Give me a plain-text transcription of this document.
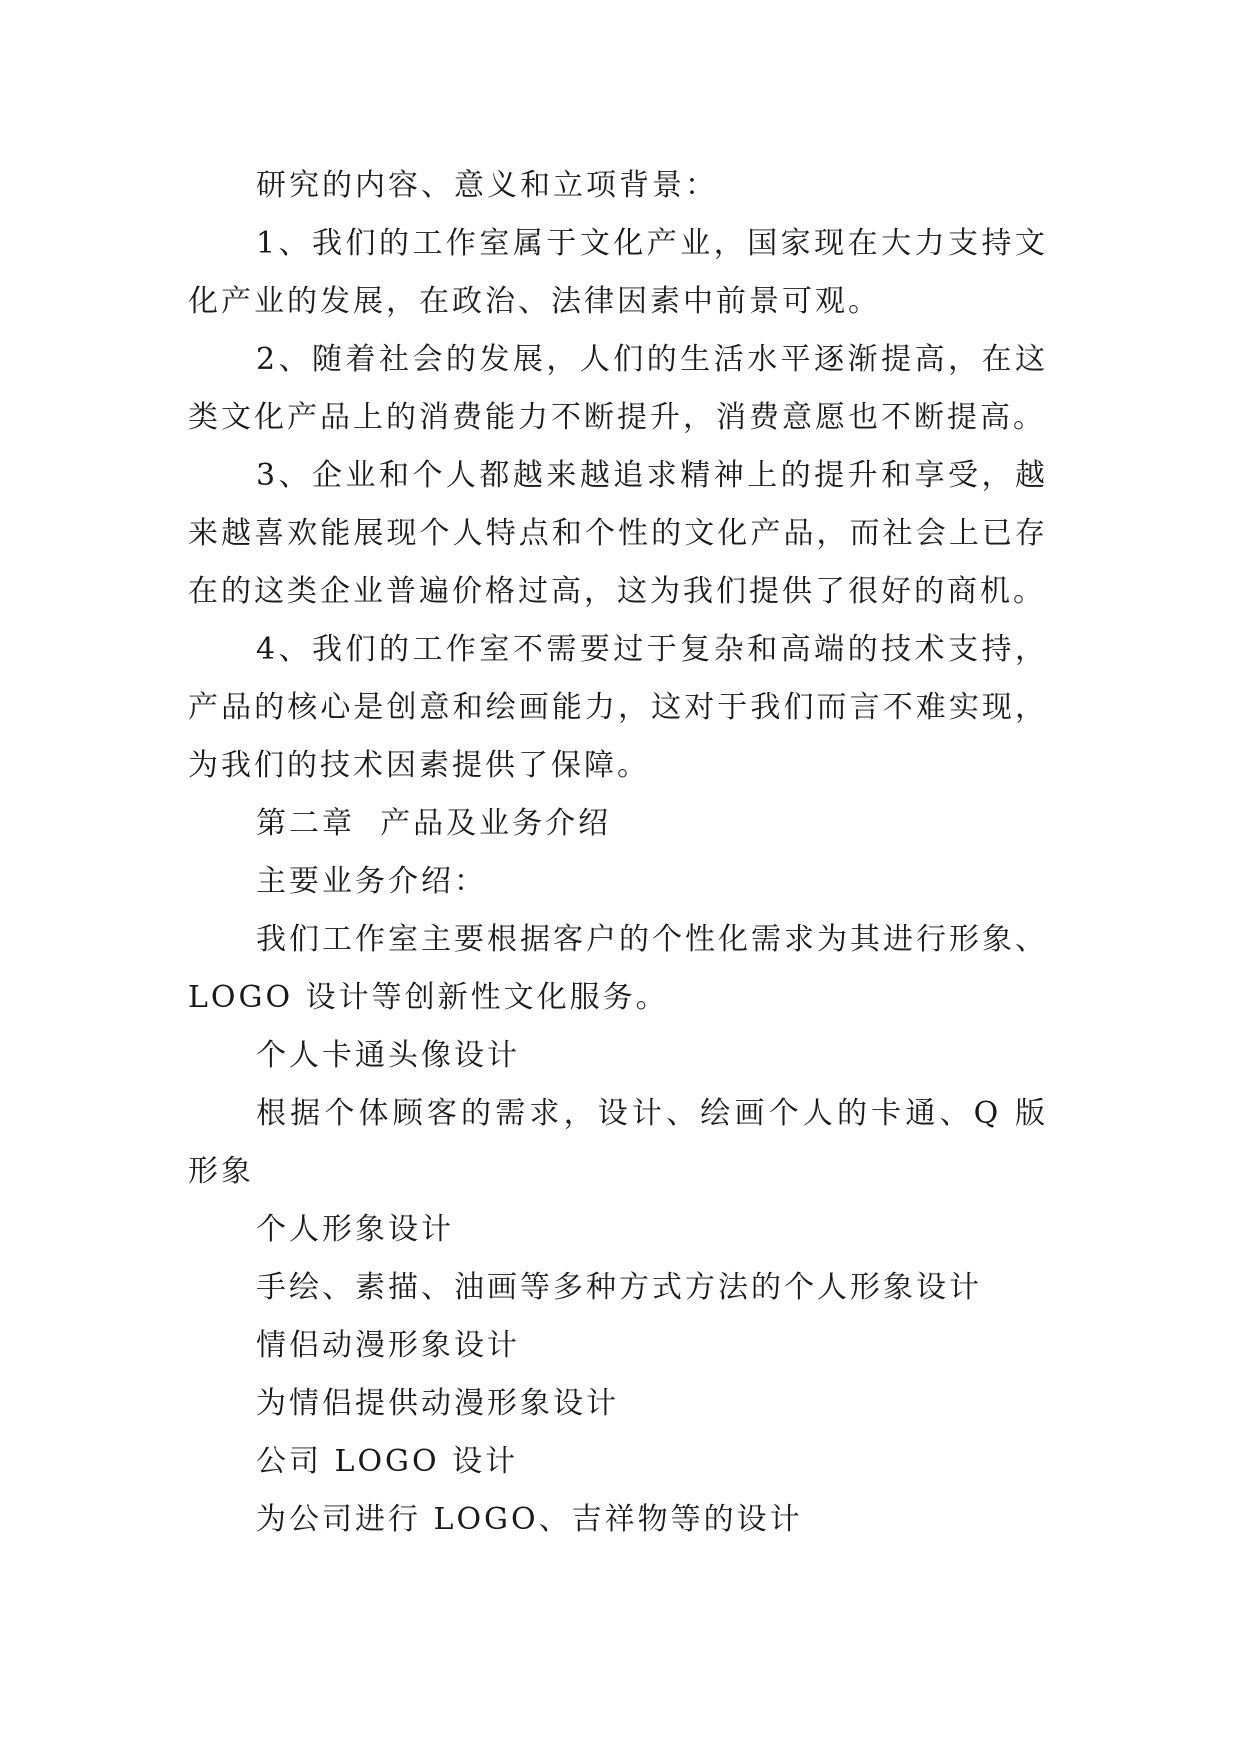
研究的内容、意义和立项背景：

1、我们的工作室属于文化产业，国家现在大力支持文化产业的发展，在政治、法律因素中前景可观。

2、随着社会的发展，人们的生活水平逐渐提高，在这类文化产品上的消费能力不断提升，消费意愿也不断提高。

3、企业和个人都越来越追求精神上的提升和享受，越来越喜欢能展现个人特点和个性的文化产品，而社会上已存在的这类企业普遍价格过高，这为我们提供了很好的商机。

4、我们的工作室不需要过于复杂和高端的技术支持，产品的核心是创意和绘画能力，这对于我们而言不难实现，为我们的技术因素提供了保障。

第二章  产品及业务介绍

主要业务介绍：

我们工作室主要根据客户的个性化需求为其进行形象、LOGO 设计等创新性文化服务。

个人卡通头像设计

根据个体顾客的需求，设计、绘画个人的卡通、Q 版形象

个人形象设计

手绘、素描、油画等多种方式方法的个人形象设计

情侣动漫形象设计

为情侣提供动漫形象设计

公司 LOGO 设计

为公司进行 LOGO、吉祥物等的设计
